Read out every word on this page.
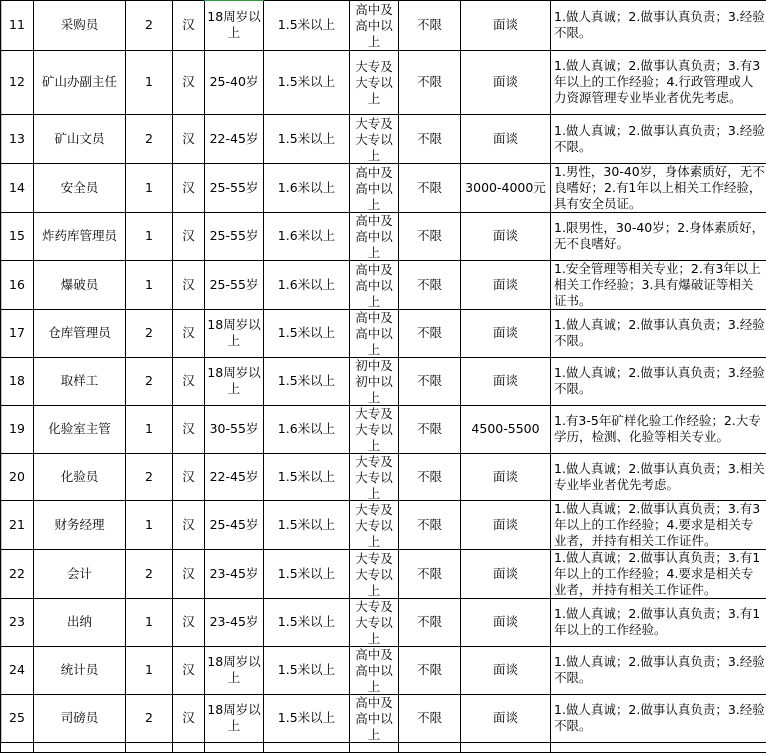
11	采购员	2	汉	18周岁以上	1.5米以上	高中及高中以上	不限	面谈	1.做人真诚；2.做事认真负责；3.经验不限。
12	矿山办副主任	1	汉	25-40岁	1.5米以上	大专及大专以上	不限	面谈	1.做人真诚；2.做事认真负责；3.有3年以上的工作经验；4.行政管理或人力资源管理专业毕业者优先考虑。
13	矿山文员	2	汉	22-45岁	1.5米以上	大专及大专以上	不限	面谈	1.做人真诚；2.做事认真负责；3.经验不限。
14	安全员	1	汉	25-55岁	1.6米以上	高中及高中以上	不限	3000-4000元	1.男性，30-40岁，身体素质好，无不良嗜好；2.有1年以上相关工作经验，具有安全员证。
15	炸药库管理员	1	汉	25-55岁	1.6米以上	高中及高中以上	不限	面谈	1.限男性，30-40岁；2.身体素质好，无不良嗜好。
16	爆破员	1	汉	25-55岁	1.6米以上	高中及高中以上	不限	面谈	1.安全管理等相关专业；2.有3年以上相关工作经验；3.具有爆破证等相关证书。
17	仓库管理员	2	汉	18周岁以上	1.5米以上	高中及高中以上	不限	面谈	1.做人真诚；2.做事认真负责；3.经验不限。
18	取样工	2	汉	18周岁以上	1.5米以上	初中及初中以上	不限	面谈	1.做人真诚；2.做事认真负责；3.经验不限。
19	化验室主管	1	汉	30-55岁	1.6米以上	大专及大专以上	不限	4500-5500	1.有3-5年矿样化验工作经验；2.大专学历，检测、化验等相关专业。
20	化验员	2	汉	22-45岁	1.5米以上	大专及大专以上	不限	面谈	1.做人真诚；2.做事认真负责；3.相关专业毕业者优先考虑。
21	财务经理	1	汉	25-45岁	1.5米以上	大专及大专以上	不限	面谈	1.做人真诚；2.做事认真负责；3.有3年以上的工作经验；4.要求是相关专业者，并持有相关工作证件。
22	会计	2	汉	23-45岁	1.5米以上	大专及大专以上	不限	面谈	1.做人真诚；2.做事认真负责；3.有1年以上的工作经验；4.要求是相关专业者，并持有相关工作证件。
23	出纳	1	汉	23-45岁	1.5米以上	大专及大专以上	不限	面谈	1.做人真诚；2.做事认真负责；3.有1年以上的工作经验。
24	统计员	1	汉	18周岁以上	1.5米以上	高中及高中以上	不限	面谈	1.做人真诚；2.做事认真负责；3.经验不限。
25	司磅员	2	汉	18周岁以上	1.5米以上	高中及高中以上	不限	面谈	1.做人真诚；2.做事认真负责；3.经验不限。
